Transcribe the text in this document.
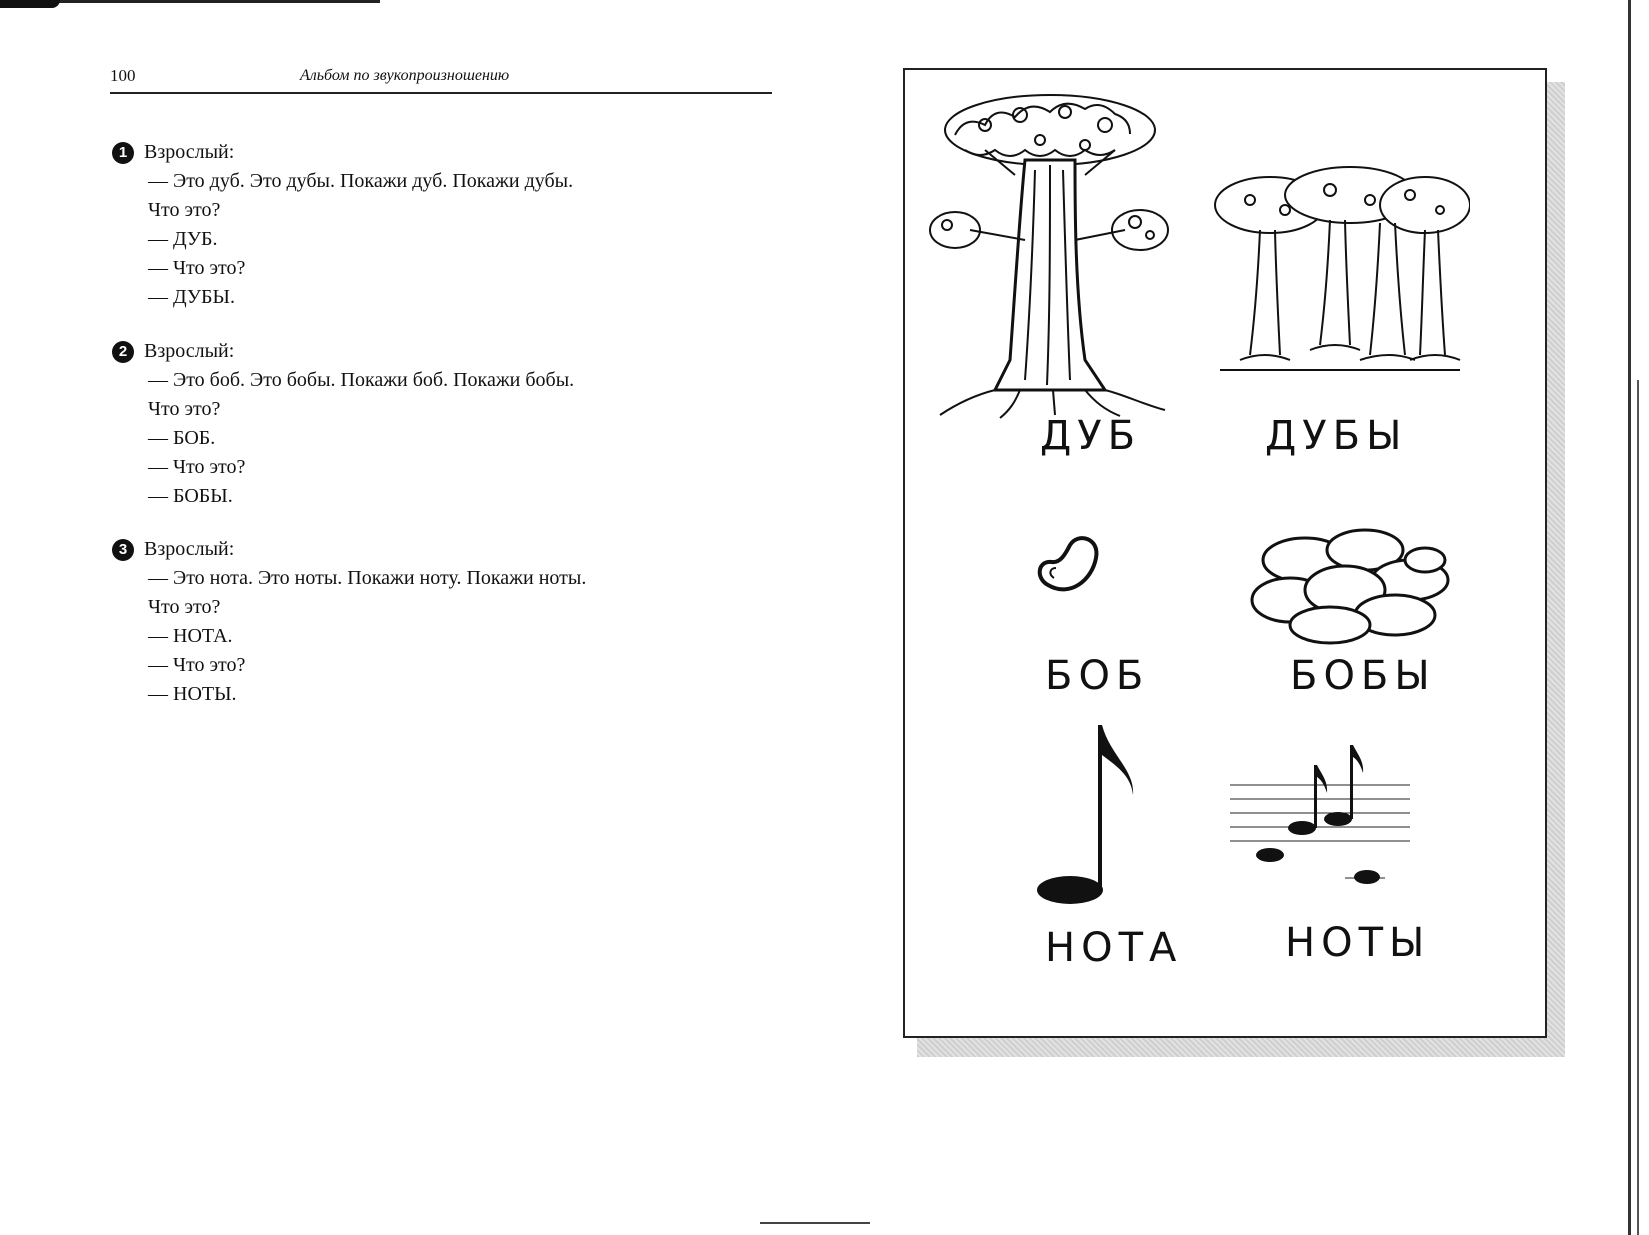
100	Альбом по звукопроизношению
1 Взрослый:
— Это дуб. Это дубы. Покажи дуб. Покажи дубы.
Что это?
— ДУБ.
— Что это?
— ДУБЫ.
2 Взрослый:
— Это боб. Это бобы. Покажи боб. Покажи бобы.
Что это?
— БОБ.
— Что это?
— БОБЫ.
3 Взрослый:
— Это нота. Это ноты. Покажи ноту. Покажи ноты.
Что это?
— НОТА.
— Что это?
— НОТЫ.
ДУБ	ДУБЫ
БОБ	БОБЫ
НОТА	НОТЫ
